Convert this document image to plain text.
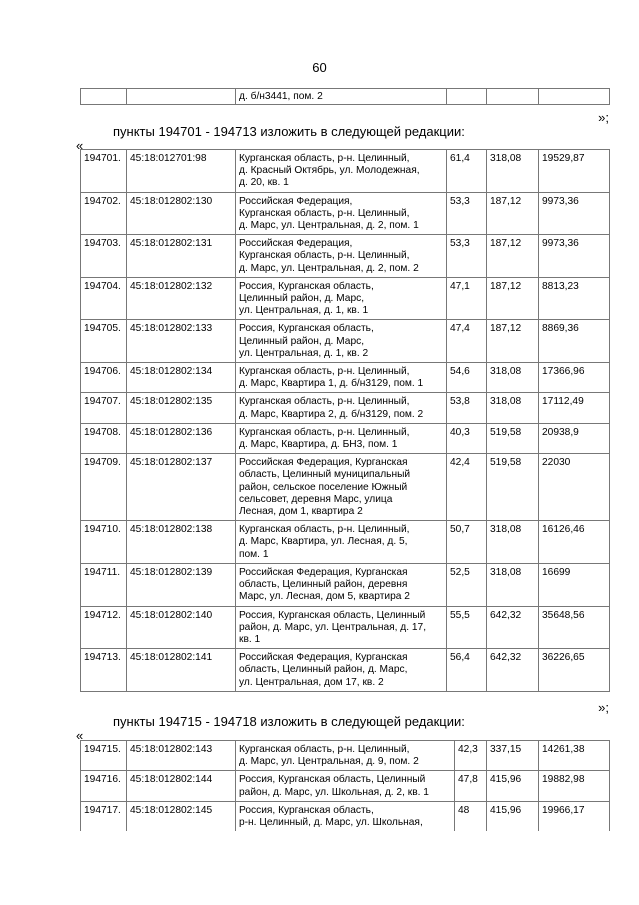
60
		д. б/н3441, пом. 2			
»;
пункты 194701 - 194713 изложить в следующей редакции:
«
194701.	45:18:012701:98	Курганская область, р-н. Целинный,
д. Красный Октябрь, ул. Молодежная,
д. 20, кв. 1	61,4	318,08	19529,87
194702.	45:18:012802:130	Российская Федерация,
Курганская область, р-н. Целинный,
д. Марс, ул. Центральная, д. 2, пом. 1	53,3	187,12	9973,36
194703.	45:18:012802:131	Российская Федерация,
Курганская область, р-н. Целинный,
д. Марс, ул. Центральная, д. 2, пом. 2	53,3	187,12	9973,36
194704.	45:18:012802:132	Россия, Курганская область,
Целинный район, д. Марс,
ул. Центральная, д. 1, кв. 1	47,1	187,12	8813,23
194705.	45:18:012802:133	Россия, Курганская область,
Целинный район, д. Марс,
ул. Центральная, д. 1, кв. 2	47,4	187,12	8869,36
194706.	45:18:012802:134	Курганская область, р-н. Целинный,
д. Марс, Квартира 1, д. б/н3129, пом. 1	54,6	318,08	17366,96
194707.	45:18:012802:135	Курганская область, р-н. Целинный,
д. Марс, Квартира 2, д. б/н3129, пом. 2	53,8	318,08	17112,49
194708.	45:18:012802:136	Курганская область, р-н. Целинный,
д. Марс, Квартира, д. БН3, пом. 1	40,3	519,58	20938,9
194709.	45:18:012802:137	Российская Федерация, Курганская
область, Целинный муниципальный
район, сельское поселение Южный
сельсовет, деревня Марс, улица
Лесная, дом 1, квартира 2	42,4	519,58	22030
194710.	45:18:012802:138	Курганская область, р-н. Целинный,
д. Марс, Квартира, ул. Лесная, д. 5,
пом. 1	50,7	318,08	16126,46
194711.	45:18:012802:139	Российская Федерация, Курганская
область, Целинный район, деревня
Марс, ул. Лесная, дом 5, квартира 2	52,5	318,08	16699
194712.	45:18:012802:140	Россия, Курганская область, Целинный
район, д. Марс, ул. Центральная, д. 17,
кв. 1	55,5	642,32	35648,56
194713.	45:18:012802:141	Российская Федерация, Курганская
область, Целинный район, д. Марс,
ул. Центральная, дом 17, кв. 2	56,4	642,32	36226,65
»;
пункты 194715 - 194718 изложить в следующей редакции:
«
194715.	45:18:012802:143	Курганская область, р-н. Целинный,
д. Марс, ул. Центральная, д. 9, пом. 2	42,3	337,15	14261,38
194716.	45:18:012802:144	Россия, Курганская область, Целинный
район, д. Марс, ул. Школьная, д. 2, кв. 1	47,8	415,96	19882,98
194717.	45:18:012802:145	Россия, Курганская область,
р-н. Целинный, д. Марс, ул. Школьная,	48	415,96	19966,17
